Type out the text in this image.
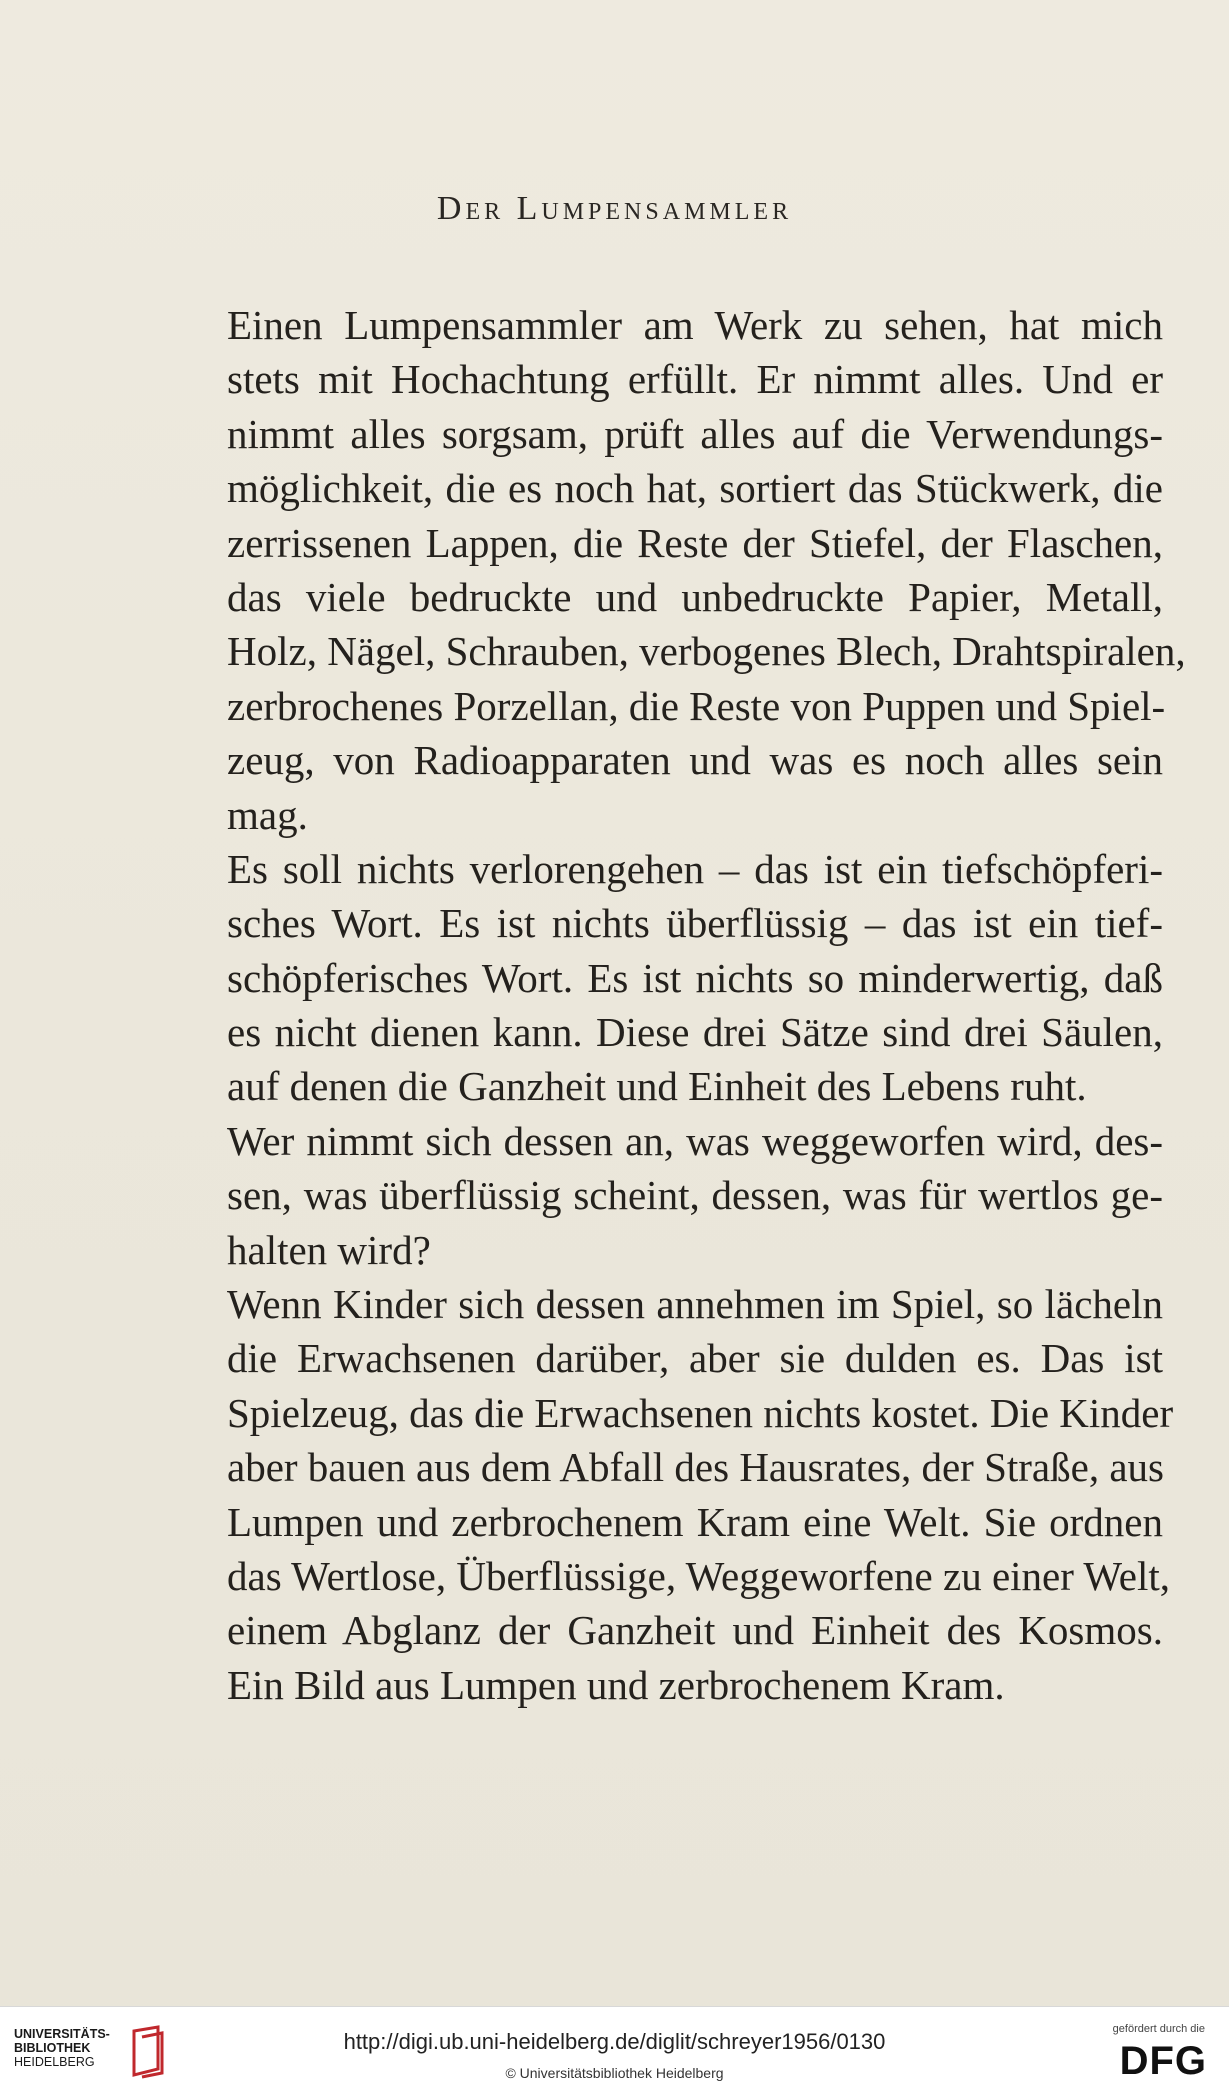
Der Lumpensammler
Einen Lumpensammler am Werk zu sehen, hat mich
stets mit Hochachtung erfüllt. Er nimmt alles. Und er
nimmt alles sorgsam, prüft alles auf die Verwendungs-
möglichkeit, die es noch hat, sortiert das Stückwerk, die
zerrissenen Lappen, die Reste der Stiefel, der Flaschen,
das viele bedruckte und unbedruckte Papier, Metall,
Holz, Nägel, Schrauben, verbogenes Blech, Drahtspiralen,
zerbrochenes Porzellan, die Reste von Puppen und Spiel-
zeug, von Radioapparaten und was es noch alles sein
mag.
Es soll nichts verlorengehen – das ist ein tiefschöpferi-
sches Wort. Es ist nichts überflüssig – das ist ein tief-
schöpferisches Wort. Es ist nichts so minderwertig, daß
es nicht dienen kann. Diese drei Sätze sind drei Säulen,
auf denen die Ganzheit und Einheit des Lebens ruht.
Wer nimmt sich dessen an, was weggeworfen wird, des-
sen, was überflüssig scheint, dessen, was für wertlos ge-
halten wird?
Wenn Kinder sich dessen annehmen im Spiel, so lächeln
die Erwachsenen darüber, aber sie dulden es. Das ist
Spielzeug, das die Erwachsenen nichts kostet. Die Kinder
aber bauen aus dem Abfall des Hausrates, der Straße, aus
Lumpen und zerbrochenem Kram eine Welt. Sie ordnen
das Wertlose, Überflüssige, Weggeworfene zu einer Welt,
einem Abglanz der Ganzheit und Einheit des Kosmos.
Ein Bild aus Lumpen und zerbrochenem Kram.
UNIVERSITÄTS-
BIBLIOTHEK
HEIDELBERG
http://digi.ub.uni-heidelberg.de/diglit/schreyer1956/0130
© Universitätsbibliothek Heidelberg
gefördert durch die
DFG
